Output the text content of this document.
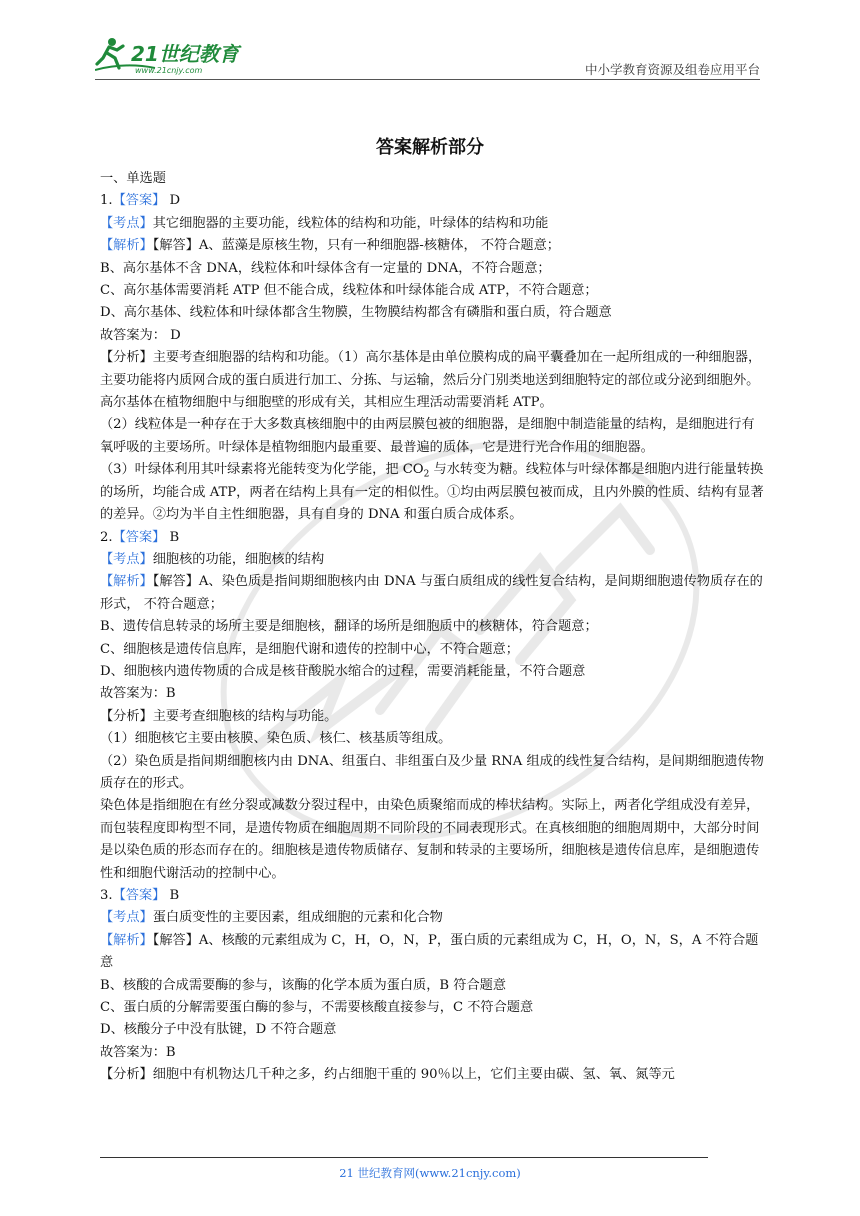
21世纪教育
www.21cnjy.com	中小学教育资源及组卷应用平台
答案解析部分

一、单选题

1.【答案】 D

【考点】其它细胞器的主要功能，线粒体的结构和功能，叶绿体的结构和功能

【解析】【解答】A、蓝藻是原核生物，只有一种细胞器-核糖体， 不符合题意；

B、高尔基体不含 DNA，线粒体和叶绿体含有一定量的 DNA，不符合题意；

C、高尔基体需要消耗 ATP 但不能合成，线粒体和叶绿体能合成 ATP，不符合题意；

D、高尔基体、线粒体和叶绿体都含生物膜，生物膜结构都含有磷脂和蛋白质，符合题意

故答案为： D

【分析】主要考查细胞器的结构和功能。（1）高尔基体是由单位膜构成的扁平囊叠加在一起所组成的一种细胞器，主要功能将内质网合成的蛋白质进行加工、分拣、与运输，然后分门别类地送到细胞特定的部位或分泌到细胞外。高尔基体在植物细胞中与细胞壁的形成有关，其相应生理活动需要消耗 ATP。

（2）线粒体是一种存在于大多数真核细胞中的由两层膜包被的细胞器，是细胞中制造能量的结构，是细胞进行有氧呼吸的主要场所。叶绿体是植物细胞内最重要、最普遍的质体，它是进行光合作用的细胞器。

（3）叶绿体利用其叶绿素将光能转变为化学能，把 $CO_2$ 与水转变为糖。线粒体与叶绿体都是细胞内进行能量转换的场所，均能合成 ATP，两者在结构上具有一定的相似性。①均由两层膜包被而成，且内外膜的性质、结构有显著的差异。②均为半自主性细胞器，具有自身的 DNA 和蛋白质合成体系。

2.【答案】 B

【考点】细胞核的功能，细胞核的结构

【解析】【解答】A、染色质是指间期细胞核内由 DNA 与蛋白质组成的线性复合结构，是间期细胞遗传物质存在的形式， 不符合题意；

B、遗传信息转录的场所主要是细胞核，翻译的场所是细胞质中的核糖体，符合题意；

C、细胞核是遗传信息库，是细胞代谢和遗传的控制中心，不符合题意；

D、细胞核内遗传物质的合成是核苷酸脱水缩合的过程，需要消耗能量，不符合题意

故答案为：B

【分析】主要考查细胞核的结构与功能。

（1）细胞核它主要由核膜、染色质、核仁、核基质等组成。

（2）染色质是指间期细胞核内由 DNA、组蛋白、非组蛋白及少量 RNA 组成的线性复合结构，是间期细胞遗传物质存在的形式。

染色体是指细胞在有丝分裂或减数分裂过程中，由染色质聚缩而成的棒状结构。实际上，两者化学组成没有差异，而包装程度即构型不同，是遗传物质在细胞周期不同阶段的不同表现形式。在真核细胞的细胞周期中，大部分时间是以染色质的形态而存在的。细胞核是遗传物质储存、复制和转录的主要场所，细胞核是遗传信息库，是细胞遗传性和细胞代谢活动的控制中心。

3.【答案】 B

【考点】蛋白质变性的主要因素，组成细胞的元素和化合物

【解析】【解答】A、核酸的元素组成为 C，H，O，N，P，蛋白质的元素组成为 C，H，O，N，S，A 不符合题意

B、核酸的合成需要酶的参与，该酶的化学本质为蛋白质，B 符合题意

C、蛋白质的分解需要蛋白酶的参与，不需要核酸直接参与，C 不符合题意

D、核酸分子中没有肽键，D 不符合题意

故答案为：B

【分析】细胞中有机物达几千种之多，约占细胞干重的 90％以上，它们主要由碳、氢、氧、氮等元

21 世纪教育网(www.21cnjy.com)
